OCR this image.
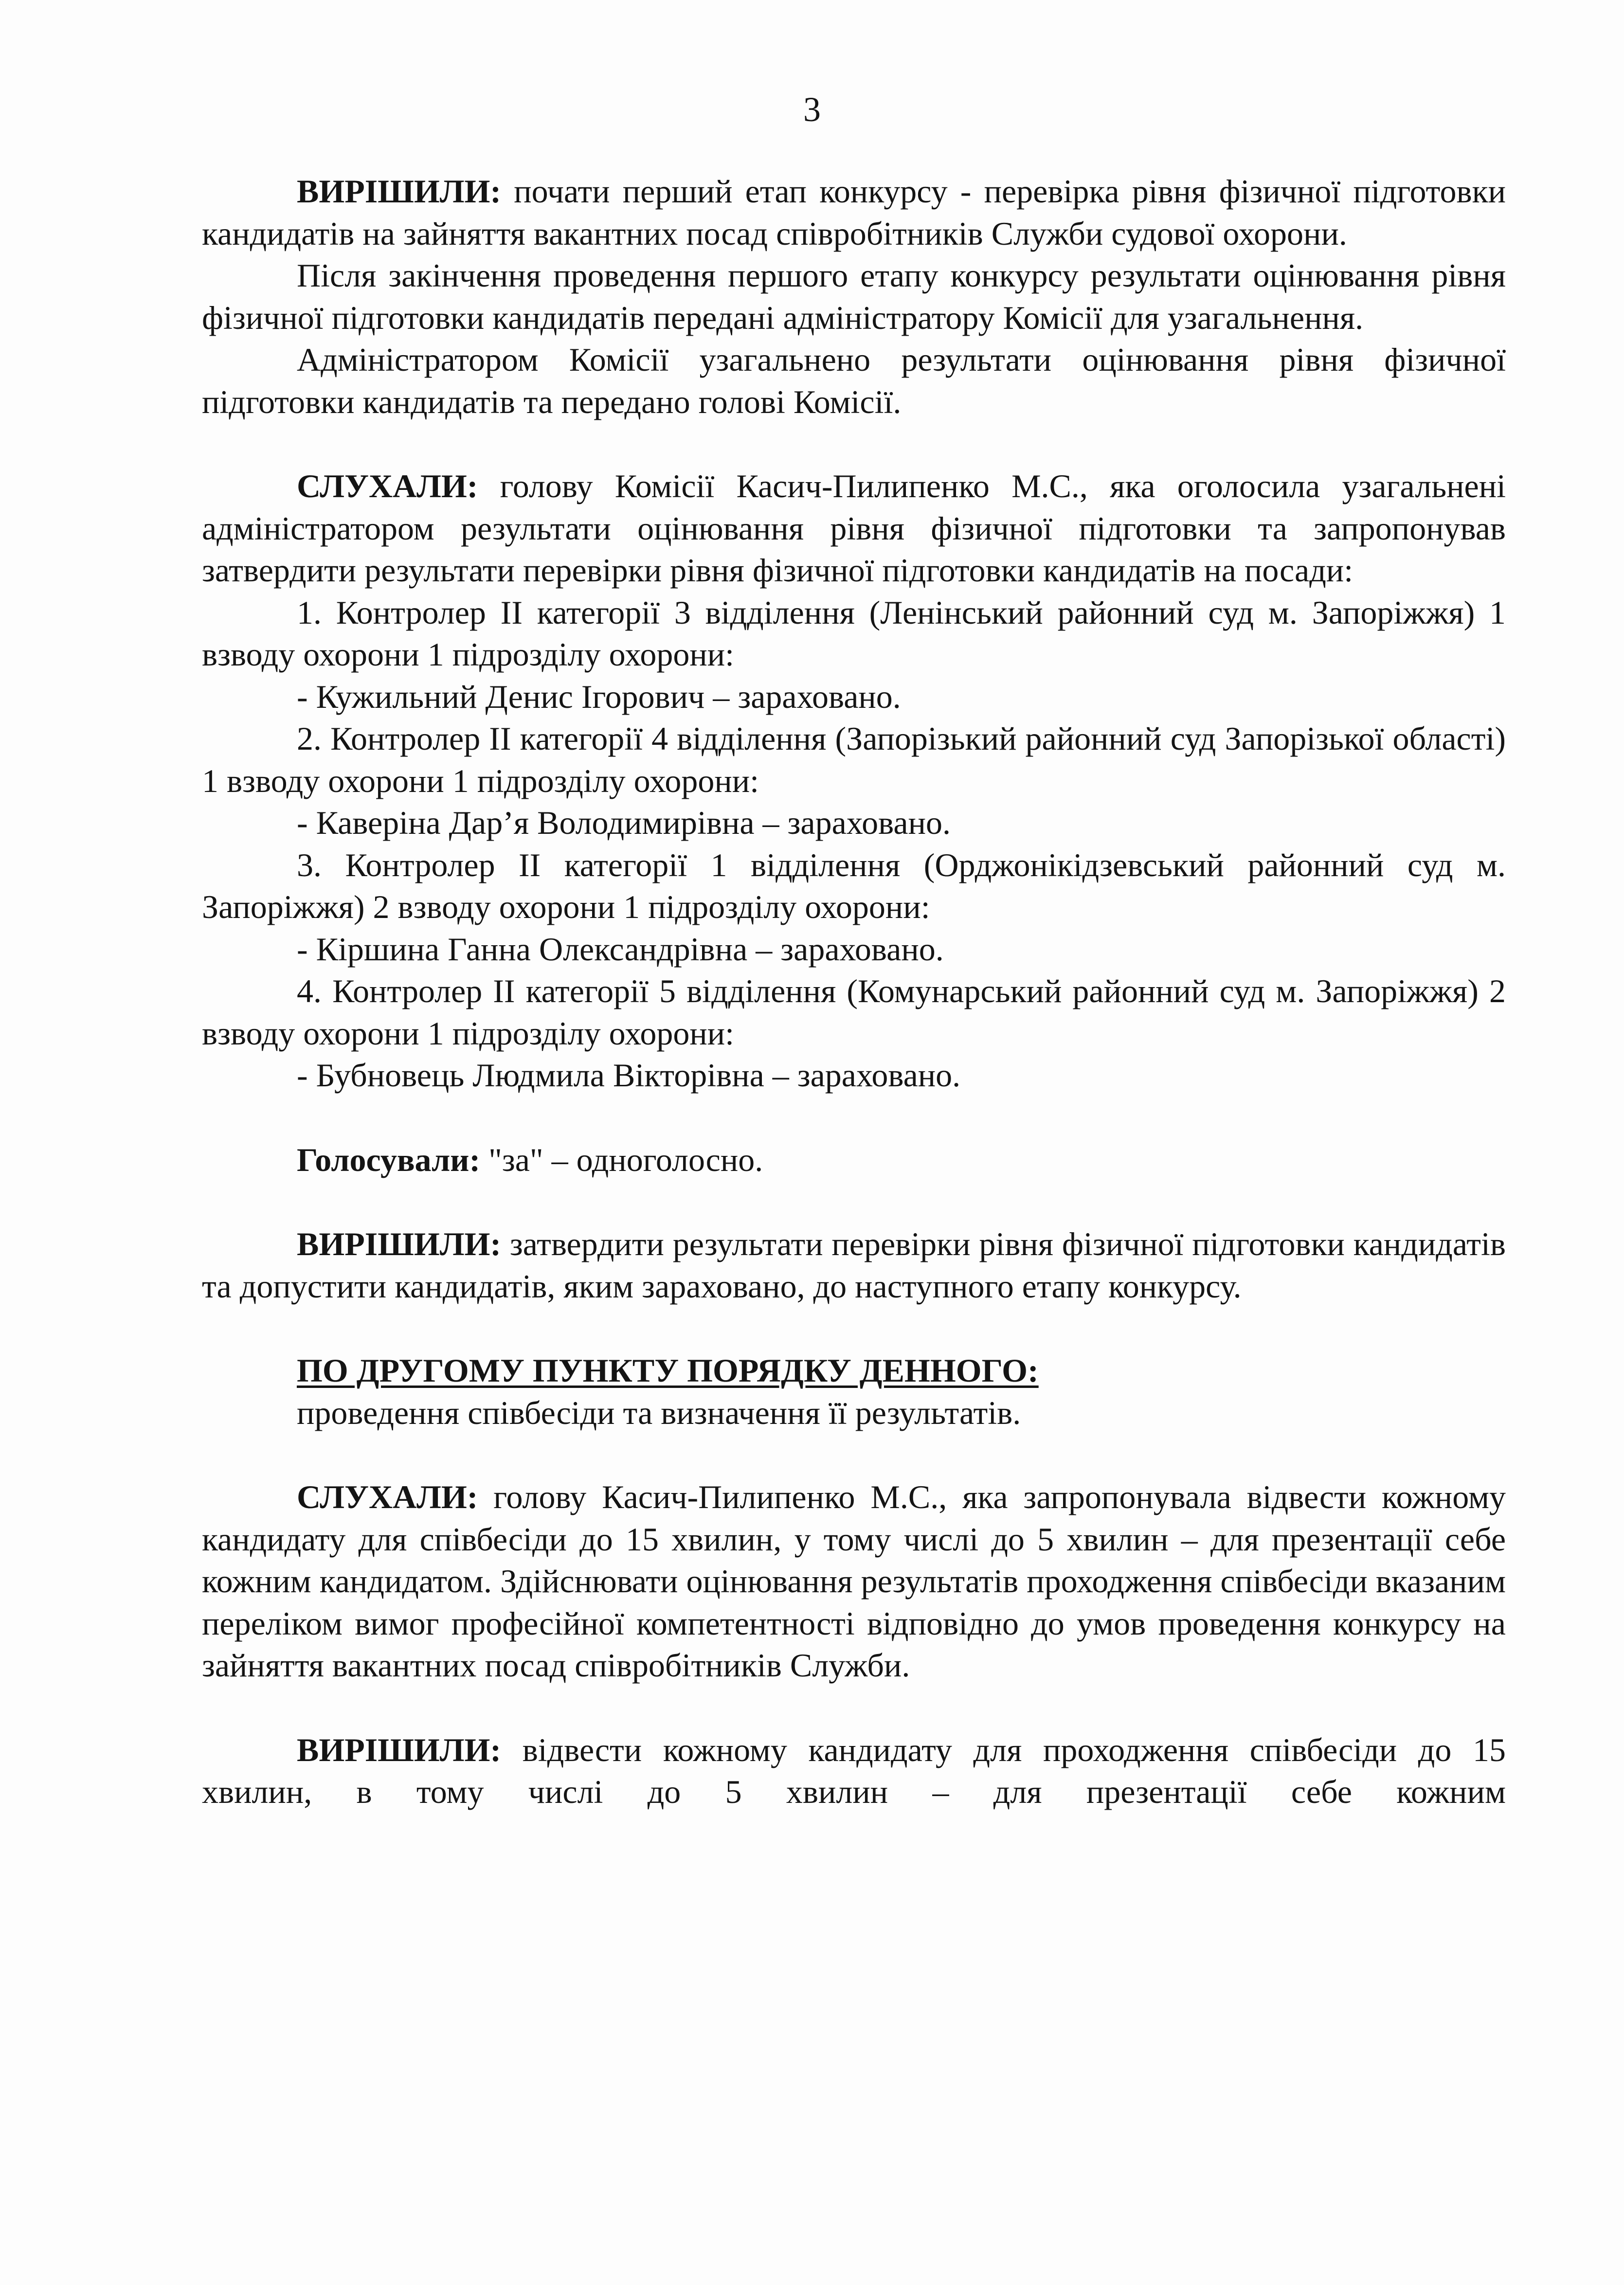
3

ВИРІШИЛИ: почати перший етап конкурсу - перевірка рівня фізичної підготовки кандидатів на зайняття вакантних посад співробітників Служби судової охорони.

Після закінчення проведення першого етапу конкурсу результати оцінювання рівня фізичної підготовки кандидатів передані адміністратору Комісії для узагальнення.

Адміністратором Комісії узагальнено результати оцінювання рівня фізичної підготовки кандидатів та передано голові Комісії.

СЛУХАЛИ: голову Комісії Касич-Пилипенко М.С., яка оголосила узагальнені адміністратором результати оцінювання рівня фізичної підготовки та запропонував затвердити результати перевірки рівня фізичної підготовки кандидатів на посади:

1. Контролер II категорії 3 відділення (Ленінський районний суд м. Запоріжжя) 1 взводу охорони 1 підрозділу охорони:

- Кужильний Денис Ігорович – зараховано.

2. Контролер II категорії 4 відділення (Запорізький районний суд Запорізької області) 1 взводу охорони 1 підрозділу охорони:

- Каверіна Дар’я Володимирівна – зараховано.

3. Контролер II категорії 1 відділення (Орджонікідзевський районний суд м. Запоріжжя) 2 взводу охорони 1 підрозділу охорони:

- Кіршина Ганна Олександрівна – зараховано.

4. Контролер II категорії 5 відділення (Комунарський районний суд м. Запоріжжя) 2 взводу охорони 1 підрозділу охорони:

- Бубновець Людмила Вікторівна – зараховано.

Голосували: "за" – одноголосно.

ВИРІШИЛИ: затвердити результати перевірки рівня фізичної підготовки кандидатів та допустити кандидатів, яким зараховано, до наступного етапу конкурсу.

ПО ДРУГОМУ ПУНКТУ ПОРЯДКУ ДЕННОГО:

проведення співбесіди та визначення її результатів.

СЛУХАЛИ: голову Касич-Пилипенко М.С., яка запропонувала відвести кожному кандидату для співбесіди до 15 хвилин, у тому числі до 5 хвилин – для презентації себе кожним кандидатом. Здійснювати оцінювання результатів проходження співбесіди вказаним переліком вимог професійної компетентності відповідно до умов проведення конкурсу на зайняття вакантних посад співробітників Служби.

ВИРІШИЛИ: відвести кожному кандидату для проходження співбесіди до 15 хвилин, в тому числі до 5 хвилин – для презентації себе кожним
